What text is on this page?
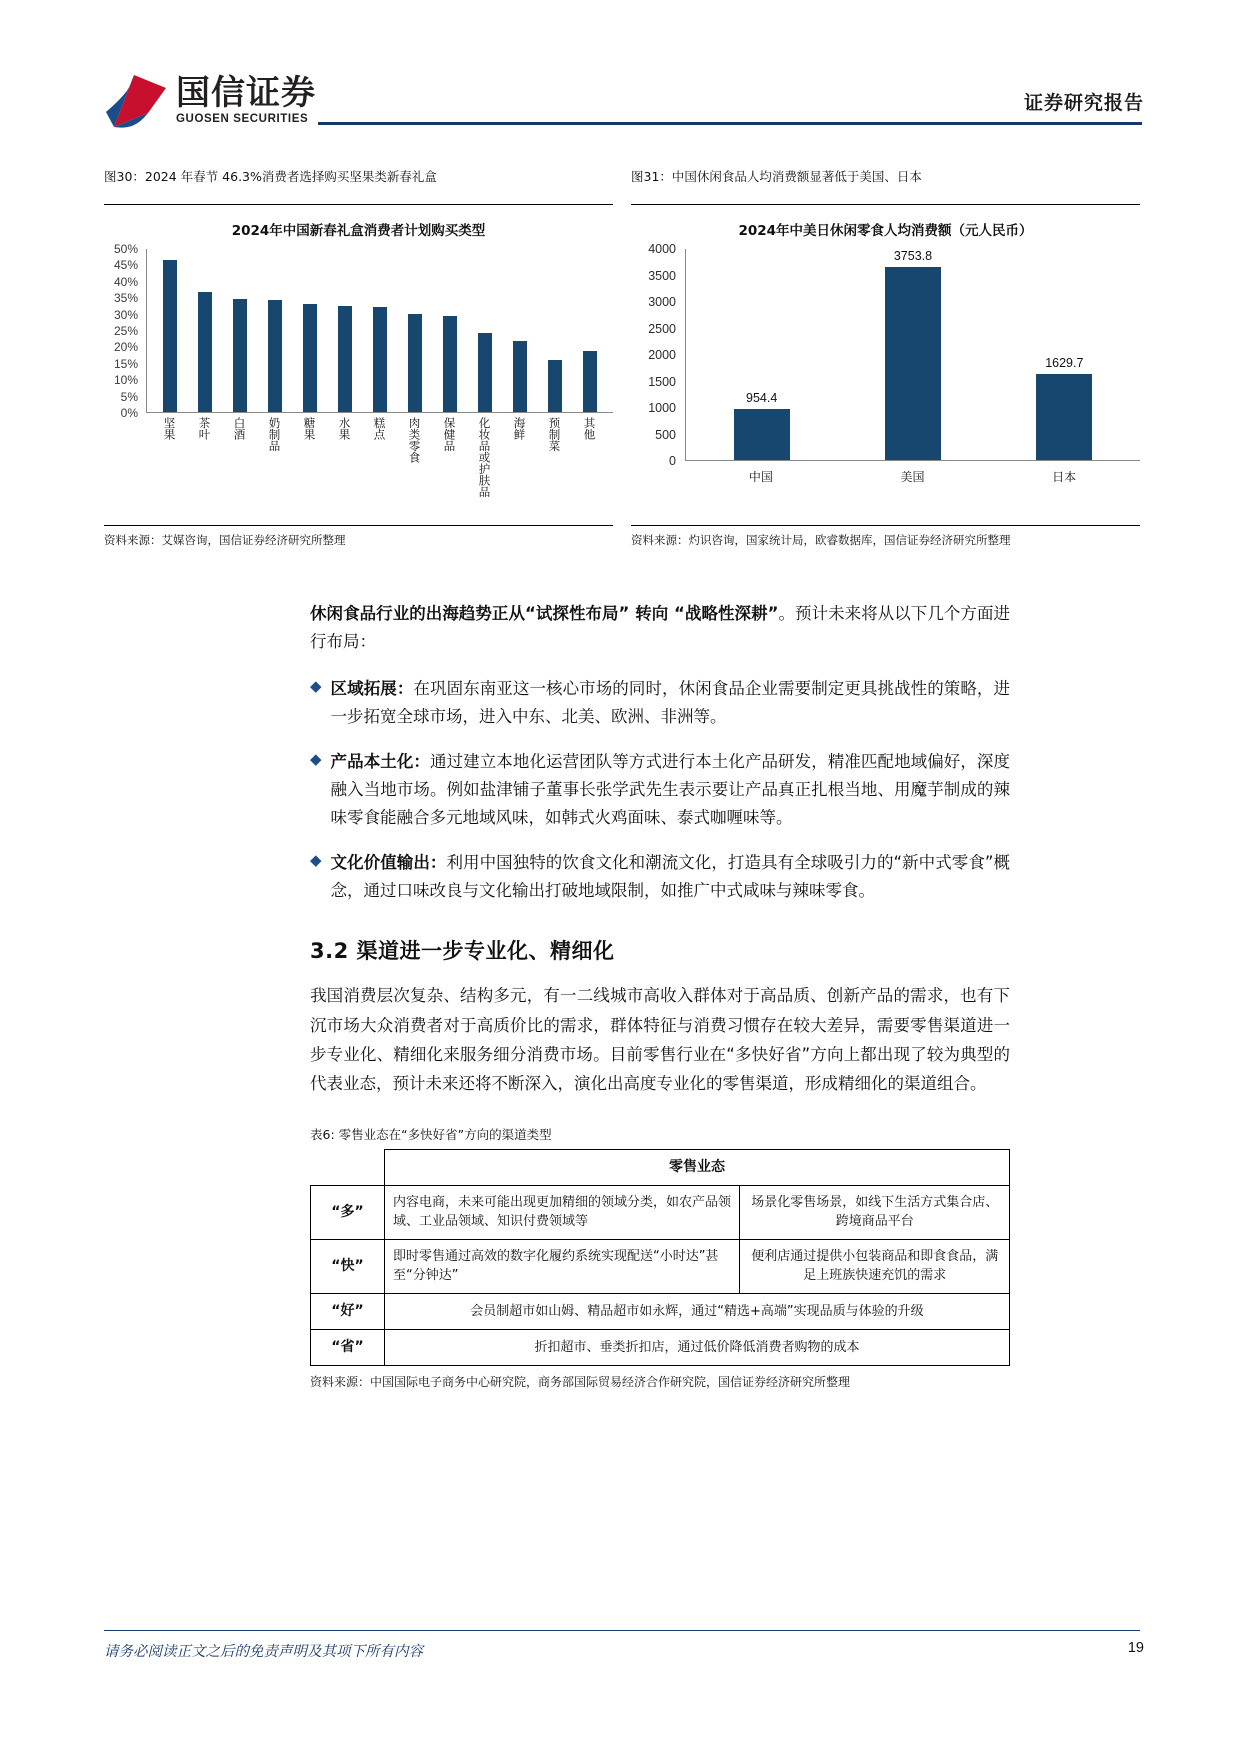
国信证券
GUOSEN SECURITIES
证券研究报告
图30：2024 年春节 46.3%消费者选择购买坚果类新春礼盒
2024年中国新春礼盒消费者计划购买类型
50%
45%
40%
35%
30%
25%
20%
15%
10%
5%
0%
坚果 茶叶 白酒 奶制品 糖果 水果 糕点 肉类零食 保健品 化妆品或护肤品 海鲜 预制菜 其他
资料来源：艾媒咨询，国信证券经济研究所整理
图31：中国休闲食品人均消费额显著低于美国、日本
2024年中美日休闲零食人均消费额（元人民币）
4000
3500
3000
2500
2000
1500
1000
500
0
954.4
3753.8
1629.7
中国	美国	日本
资料来源：灼识咨询，国家统计局，欧睿数据库，国信证券经济研究所整理
休闲食品行业的出海趋势正从“试探性布局” 转向 “战略性深耕”。预计未来将从以下几个方面进行布局：
◆ 区域拓展：在巩固东南亚这一核心市场的同时，休闲食品企业需要制定更具挑战性的策略，进一步拓宽全球市场，进入中东、北美、欧洲、非洲等。
◆ 产品本土化：通过建立本地化运营团队等方式进行本土化产品研发，精准匹配地域偏好，深度融入当地市场。例如盐津铺子董事长张学武先生表示要让产品真正扎根当地、用魔芋制成的辣味零食能融合多元地域风味，如韩式火鸡面味、泰式咖喱味等。
◆ 文化价值输出：利用中国独特的饮食文化和潮流文化，打造具有全球吸引力的“新中式零食”概念，通过口味改良与文化输出打破地域限制，如推广中式咸味与辣味零食。
3.2 渠道进一步专业化、精细化
我国消费层次复杂、结构多元，有一二线城市高收入群体对于高品质、创新产品的需求，也有下沉市场大众消费者对于高质价比的需求，群体特征与消费习惯存在较大差异，需要零售渠道进一步专业化、精细化来服务细分消费市场。目前零售行业在“多快好省”方向上都出现了较为典型的代表业态，预计未来还将不断深入，演化出高度专业化的零售渠道，形成精细化的渠道组合。
表6: 零售业态在“多快好省”方向的渠道类型
	零售业态	
“多”	内容电商，未来可能出现更加精细的领域分类，如农产品领域、工业品领域、知识付费领域等	场景化零售场景，如线下生活方式集合店、跨境商品平台
“快”	即时零售通过高效的数字化履约系统实现配送“小时达”甚至“分钟达”	便利店通过提供小包装商品和即食食品，满足上班族快速充饥的需求
“好”	会员制超市如山姆、精品超市如永辉，通过“精选+高端”实现品质与体验的升级	
“省”	折扣超市、垂类折扣店，通过低价降低消费者购物的成本	
资料来源：中国国际电子商务中心研究院，商务部国际贸易经济合作研究院，国信证券经济研究所整理
请务必阅读正文之后的免责声明及其项下所有内容	19
